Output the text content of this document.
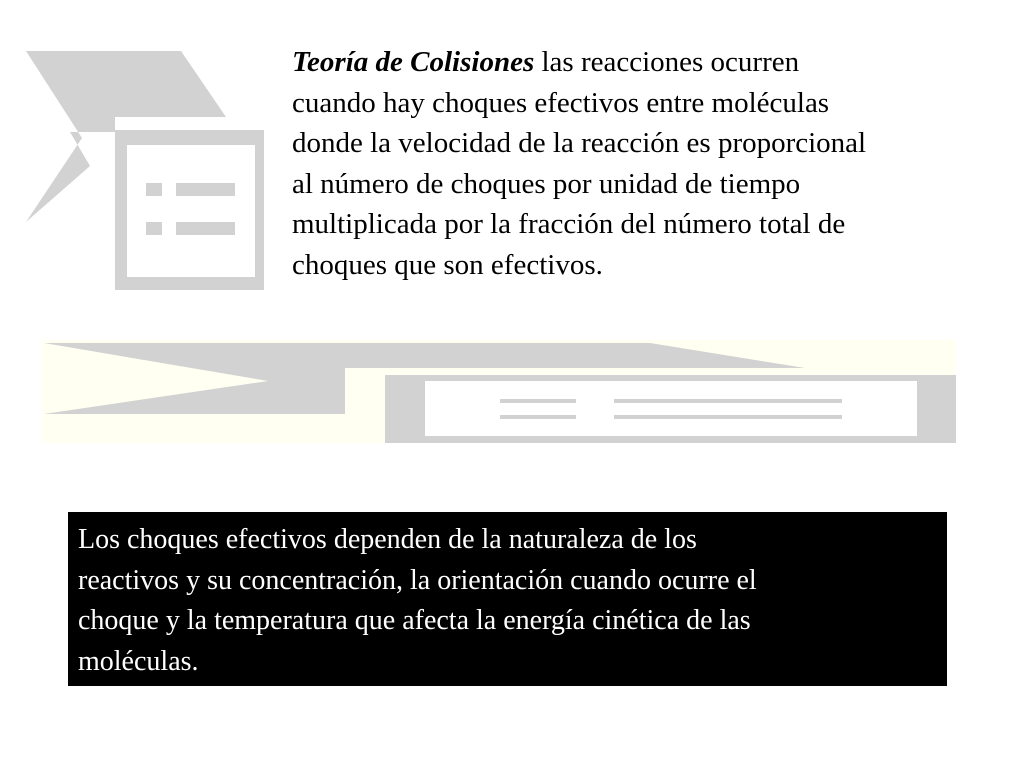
Teoría de Colisiones las reacciones ocurren
cuando hay choques efectivos entre moléculas
donde la velocidad de la reacción es proporcional
al número de choques por unidad de tiempo
multiplicada por la fracción del número total de
choques que son efectivos.

Los choques efectivos dependen de la naturaleza de los
reactivos y su concentración, la orientación cuando ocurre el
choque y la temperatura que afecta la energía cinética de las
moléculas.
